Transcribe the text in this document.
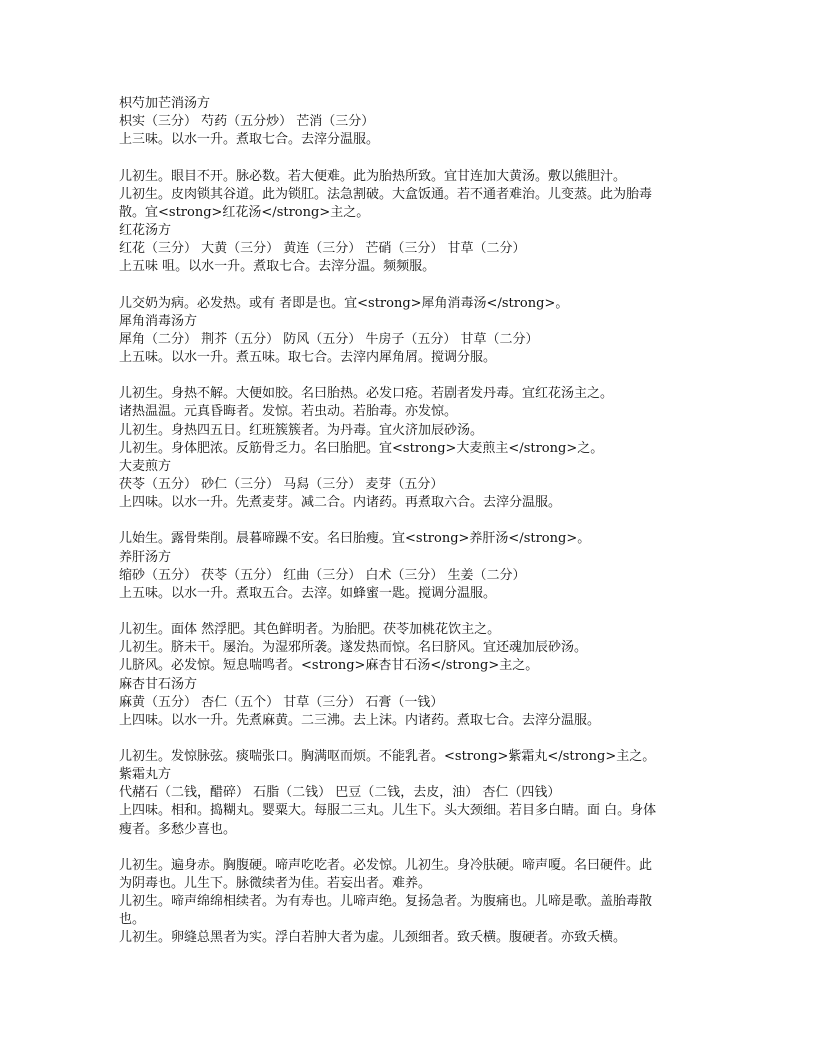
枳芍加芒消汤方
枳实（三分） 芍药（五分炒） 芒消（三分）
上三味。以水一升。煮取七合。去滓分温服。
儿初生。眼目不开。脉必数。若大便难。此为胎热所致。宜甘连加大黄汤。敷以熊胆汁。
儿初生。皮肉锁其谷道。此为锁肛。法急割破。大盒饭通。若不通者难治。儿变蒸。此为胎毒
散。宜<strong>红花汤</strong>主之。
红花汤方
红花（三分） 大黄（三分） 黄连（三分） 芒硝（三分） 甘草（二分）
上五味 咀。以水一升。煮取七合。去滓分温。频频服。
儿交奶为病。必发热。或有 者即是也。宜<strong>犀角消毒汤</strong>。
犀角消毒汤方
犀角（二分） 荆芥（五分） 防风（五分） 牛房子（五分） 甘草（二分）
上五味。以水一升。煮五味。取七合。去滓内犀角屑。搅调分服。
儿初生。身热不解。大便如胶。名曰胎热。必发口疮。若剧者发丹毒。宜红花汤主之。
诸热温温。元真昏晦者。发惊。若虫动。若胎毒。亦发惊。
儿初生。身热四五日。红班簇簇者。为丹毒。宜火济加辰砂汤。
儿初生。身体肥浓。反筋骨乏力。名曰胎肥。宜<strong>大麦煎主</strong>之。
大麦煎方
茯苓（五分） 砂仁（三分） 马舄（三分） 麦芽（五分）
上四味。以水一升。先煮麦芽。减二合。内诸药。再煮取六合。去滓分温服。
儿始生。露骨柴削。晨暮啼躁不安。名曰胎瘦。宜<strong>养肝汤</strong>。
养肝汤方
缩砂（五分） 茯苓（五分） 红曲（三分） 白术（三分） 生姜（二分）
上五味。以水一升。煮取五合。去滓。如蜂蜜一匙。搅调分温服。
儿初生。面体 然浮肥。其色鲜明者。为胎肥。茯苓加桃花饮主之。
儿初生。脐未干。屡治。为湿邪所袭。遂发热而惊。名曰脐风。宜还魂加辰砂汤。
儿脐风。必发惊。短息喘鸣者。<strong>麻杏甘石汤</strong>主之。
麻杏甘石汤方
麻黄（五分） 杏仁（五个） 甘草（三分） 石膏（一钱）
上四味。以水一升。先煮麻黄。二三沸。去上沫。内诸药。煮取七合。去滓分温服。
儿初生。发惊脉弦。痰喘张口。胸满呕而烦。不能乳者。<strong>紫霜丸</strong>主之。
紫霜丸方
代赭石（二钱，醋碎） 石脂（二钱） 巴豆（二钱，去皮，油） 杏仁（四钱）
上四味。相和。捣糊丸。婴粟大。每服二三丸。儿生下。头大颈细。若目多白睛。面 白。身体
瘦者。多愁少喜也。
儿初生。遍身赤。胸腹硬。啼声吃吃者。必发惊。儿初生。身冷肤硬。啼声嗄。名曰硬件。此
为阴毒也。儿生下。脉微续者为佳。若妄出者。难养。
儿初生。啼声绵绵相续者。为有寿也。儿啼声绝。复扬急者。为腹痛也。儿啼是歌。盖胎毒散
也。
儿初生。卵缝总黑者为实。浮白若肿大者为虚。儿颈细者。致夭横。腹硬者。亦致夭横。
